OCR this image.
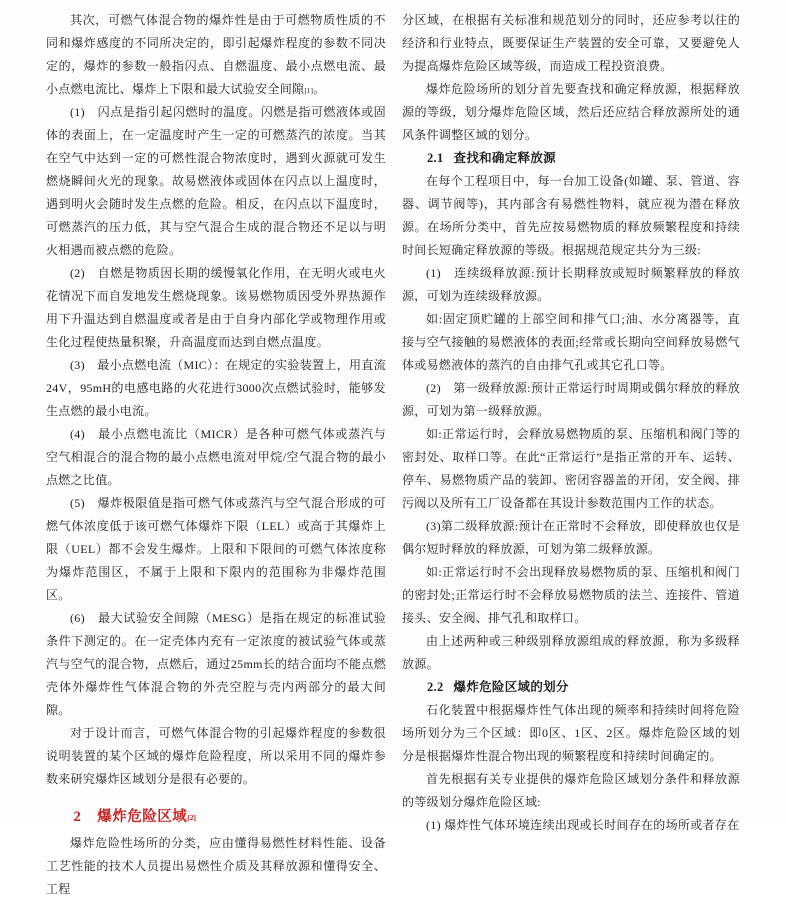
其次，可燃气体混合物的爆炸性是由于可燃物质性质的不同和爆炸感度的不同所决定的，即引起爆炸程度的参数不同决定的，爆炸的参数一般指闪点、自燃温度、最小点燃电流、最小点燃电流比、爆炸上下限和最大试验安全间隙[1]。

(1)　闪点是指引起闪燃时的温度。闪燃是指可燃液体或固体的表面上，在一定温度时产生一定的可燃蒸汽的浓度。当其在空气中达到一定的可燃性混合物浓度时，遇到火源就可发生燃烧瞬间火光的现象。故易燃液体或固体在闪点以上温度时，遇到明火会随时发生点燃的危险。相反，在闪点以下温度时，可燃蒸汽的压力低，其与空气混合生成的混合物还不足以与明火相遇而被点燃的危险。

(2)　自燃是物质因长期的缓慢氧化作用，在无明火或电火花情况下而自发地发生燃烧现象。该易燃物质因受外界热源作用下升温达到自燃温度或者是由于自身内部化学或物理作用或生化过程使热量积聚，升高温度而达到自燃点温度。

(3)　最小点燃电流（MIC）：在规定的实验装置上，用直流24V，95mH的电感电路的火花进行3000次点燃试验时，能够发生点燃的最小电流。

(4)　最小点燃电流比（MICR）是各种可燃气体或蒸汽与空气相混合的混合物的最小点燃电流对甲烷/空气混合物的最小点燃之比值。

(5)　爆炸极限值是指可燃气体或蒸汽与空气混合形成的可燃气体浓度低于该可燃气体爆炸下限（LEL）或高于其爆炸上限（UEL）都不会发生爆炸。上限和下限间的可燃气体浓度称为爆炸范围区，不属于上限和下限内的范围称为非爆炸范围区。

(6)　最大试验安全间隙（MESG）是指在规定的标准试验条件下测定的。在一定壳体内充有一定浓度的被试验气体或蒸汽与空气的混合物，点燃后，通过25mm长的结合面均不能点燃壳体外爆炸性气体混合物的外壳空腔与壳内两部分的最大间隙。

对于设计而言，可燃气体混合物的引起爆炸程度的参数很说明装置的某个区域的爆炸危险程度，所以采用不同的爆炸参数来研究爆炸区域划分是很有必要的。

2 爆炸危险区域[2]

爆炸危险性场所的分类，应由懂得易燃性材料性能、设备工艺性能的技术人员提出易燃性介质及其释放源和懂得安全、工程

分区域，在根据有关标准和规范划分的同时，还应参考以往的经济和行业特点，既要保证生产装置的安全可靠，又要避免人为提高爆炸危险区域等级，而造成工程投资浪费。

爆炸危险场所的划分首先要查找和确定释放源，根据释放源的等级，划分爆炸危险区域，然后还应结合释放源所处的通风条件调整区域的划分。

2.1 查找和确定释放源

在每个工程项目中，每一台加工设备(如罐、泵、管道、容器、调节阀等)，其内部含有易燃性物料，就应视为潜在释放源。在场所分类中，首先应按易燃物质的释放频繁程度和持续时间长短确定释放源的等级。根据规范规定共分为三级:

(1)　连续级释放源:预计长期释放或短时频繁释放的释放源，可划为连续级释放源。

如:固定顶贮罐的上部空间和排气口;油、水分离器等，直接与空气接触的易燃液体的表面;经常或长期向空间释放易燃气体或易燃液体的蒸汽的自由排气孔或其它孔口等。

(2)　第一级释放源:预计正常运行时周期或偶尔释放的释放源，可划为第一级释放源。

如:正常运行时，会释放易燃物质的泵、压缩机和阀门等的密封处、取样口等。在此“正常运行”是指正常的开车、运转、停车、易燃物质产品的装卸、密闭容器盖的开闭，安全阀、排污阀以及所有工厂设备都在其设计参数范围内工作的状态。

(3)第二级释放源:预计在正常时不会释放，即使释放也仅是偶尔短时释放的释放源，可划为第二级释放源。

如:正常运行时不会出现释放易燃物质的泵、压缩机和阀门的密封处;正常运行时不会释放易燃物质的法兰、连接件、管道接头、安全阀、排气孔和取样口。

由上述两种或三种级别释放源组成的释放源，称为多级释放源。

2.2 爆炸危险区域的划分

石化装置中根据爆炸性气体出现的频率和持续时间将危险场所划分为三个区域：即0区、1区、2区。爆炸危险区域的划分是根据爆炸性混合物出现的频繁程度和持续时间确定的。

首先根据有关专业提供的爆炸危险区域划分条件和释放源的等级划分爆炸危险区域:

(1) 爆炸性气体环境连续出现或长时间存在的场所或者存在
